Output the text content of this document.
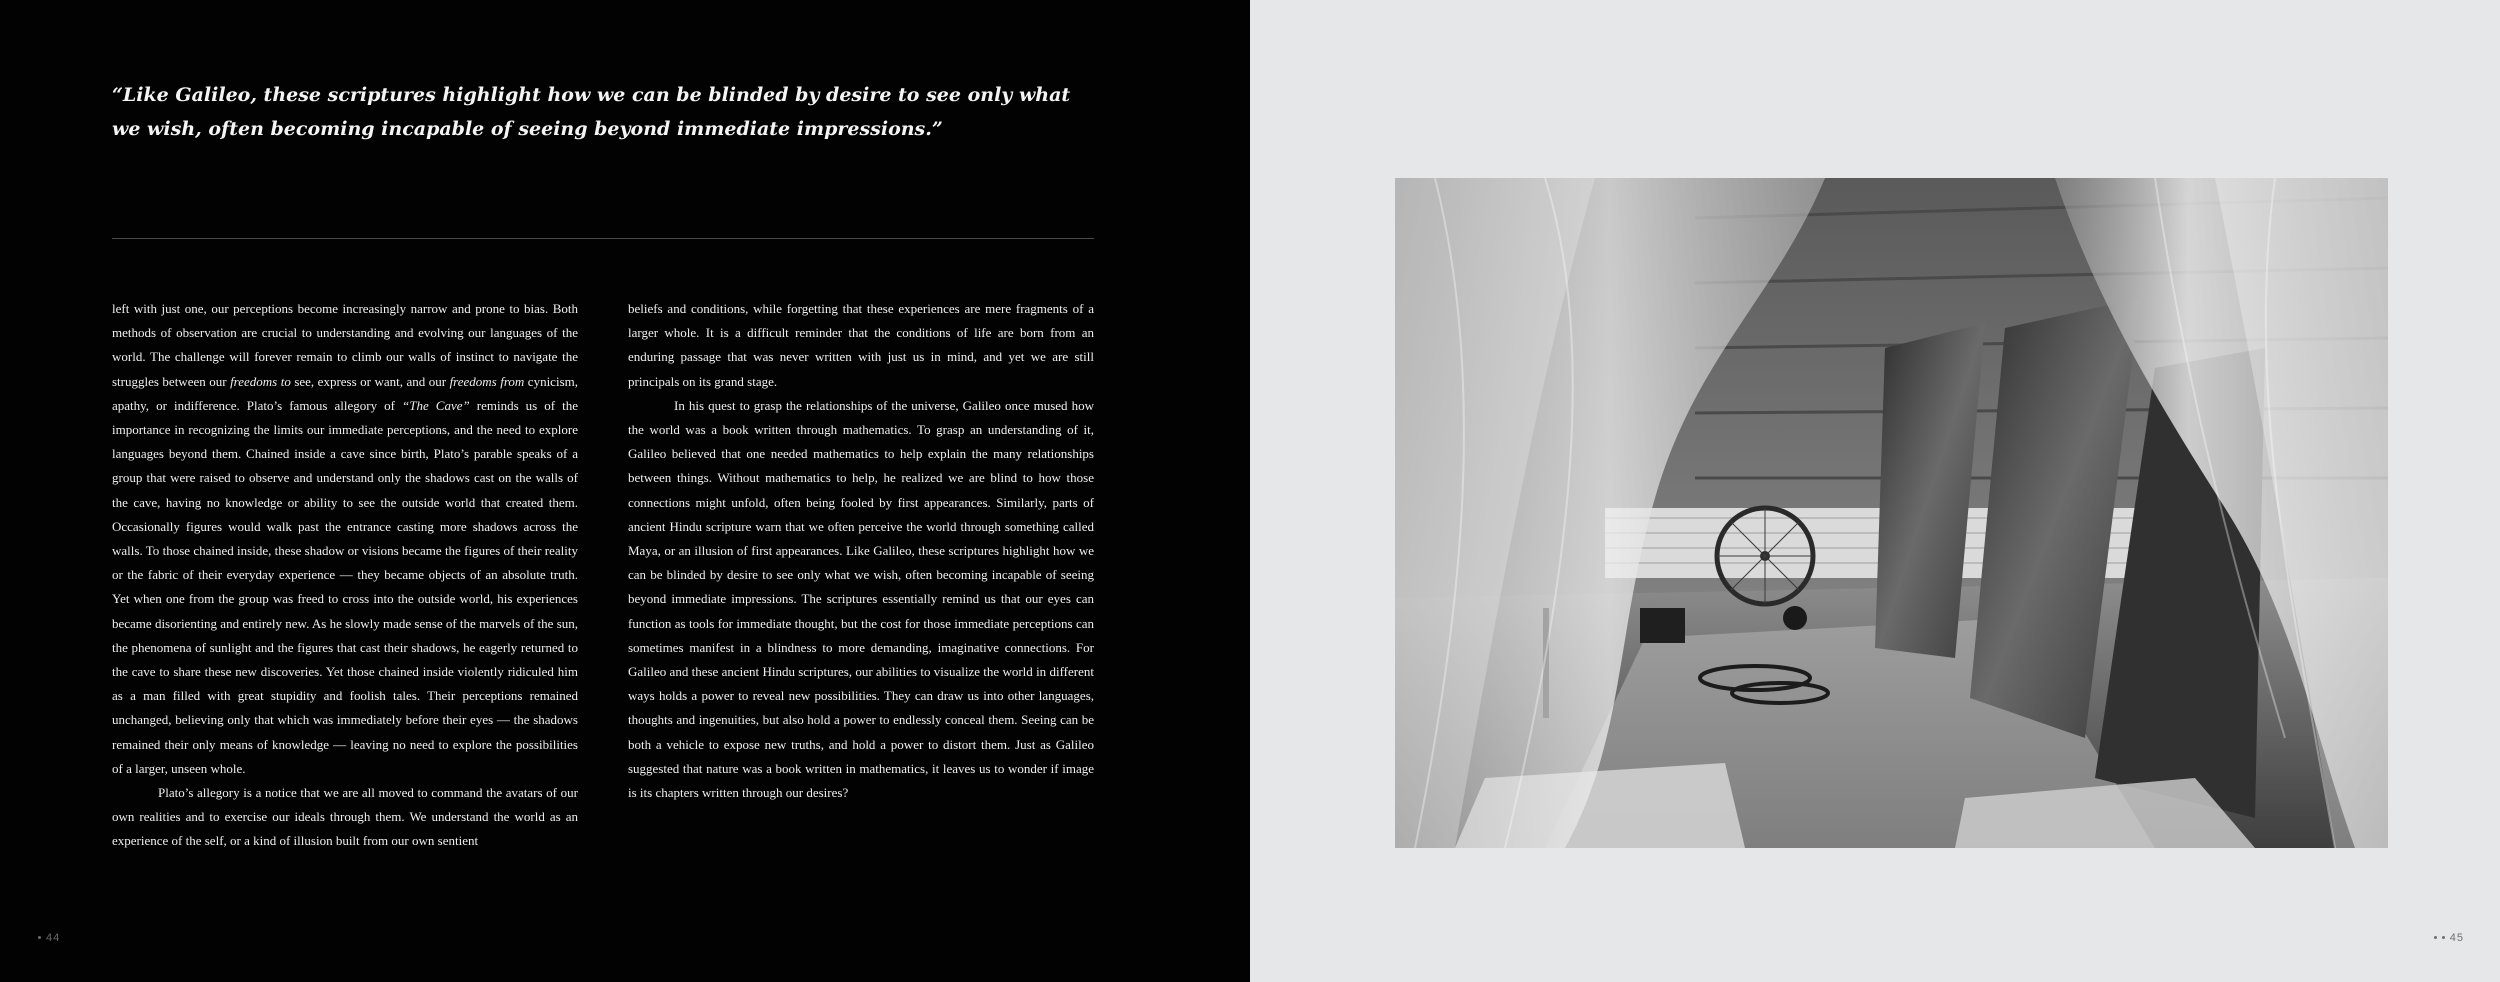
“Like Galileo, these scriptures highlight how we can be blinded by desire to see only what we wish, often becoming incapable of seeing beyond immediate impressions.”

left with just one, our perceptions become increasingly narrow and prone to bias. Both methods of observation are crucial to understanding and evolving our languages of the world. The challenge will forever remain to climb our walls of instinct to navigate the struggles between our freedoms to see, express or want, and our freedoms from cynicism, apathy, or indifference. Plato’s famous allegory of “The Cave” reminds us of the importance in recognizing the limits our immediate perceptions, and the need to explore languages beyond them. Chained inside a cave since birth, Plato’s parable speaks of a group that were raised to observe and understand only the shadows cast on the walls of the cave, having no knowledge or ability to see the outside world that created them. Occasionally figures would walk past the entrance casting more shadows across the walls. To those chained inside, these shadow or visions became the figures of their reality or the fabric of their everyday experience — they became objects of an absolute truth. Yet when one from the group was freed to cross into the outside world, his experiences became disorienting and entirely new. As he slowly made sense of the marvels of the sun, the phenomena of sunlight and the figures that cast their shadows, he eagerly returned to the cave to share these new discoveries. Yet those chained inside violently ridiculed him as a man filled with great stupidity and foolish tales. Their perceptions remained unchanged, believing only that which was immediately before their eyes — the shadows remained their only means of knowledge — leaving no need to explore the possibilities of a larger, unseen whole.

Plato’s allegory is a notice that we are all moved to command the avatars of our own realities and to exercise our ideals through them. We understand the world as an experience of the self, or a kind of illusion built from our own sentient

beliefs and conditions, while forgetting that these experiences are mere fragments of a larger whole. It is a difficult reminder that the conditions of life are born from an enduring passage that was never written with just us in mind, and yet we are still principals on its grand stage.

In his quest to grasp the relationships of the universe, Galileo once mused how the world was a book written through mathematics. To grasp an understanding of it, Galileo believed that one needed mathematics to help explain the many relationships between things. Without mathematics to help, he realized we are blind to how those connections might unfold, often being fooled by first appearances. Similarly, parts of ancient Hindu scripture warn that we often perceive the world through something called Maya, or an illusion of first appearances. Like Galileo, these scriptures highlight how we can be blinded by desire to see only what we wish, often becoming incapable of seeing beyond immediate impressions. The scriptures essentially remind us that our eyes can function as tools for immediate thought, but the cost for those immediate perceptions can sometimes manifest in a blindness to more demanding, imaginative connections. For Galileo and these ancient Hindu scriptures, our abilities to visualize the world in different ways holds a power to reveal new possibilities. They can draw us into other languages, thoughts and ingenuities, but also hold a power to endlessly conceal them. Seeing can be both a vehicle to expose new truths, and hold a power to distort them. Just as Galileo suggested that nature was a book written in mathematics, it leaves us to wonder if image is its chapters written through our desires?

44	45
